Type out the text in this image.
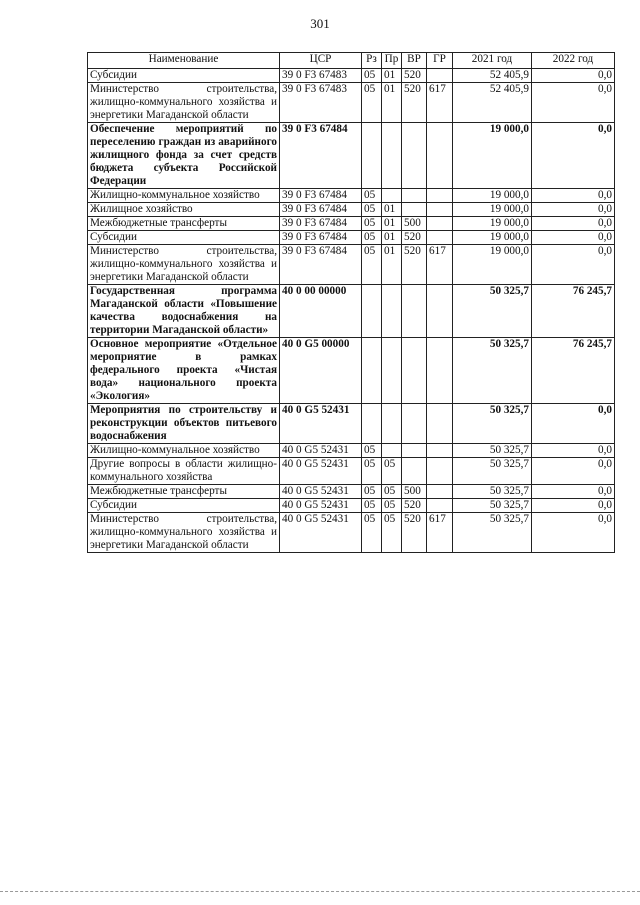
301
Наименование	ЦСР	Рз	Пр	ВР	ГР	2021 год	2022 год
Субсидии	39 0 F3 67483	05	01	520		52 405,9	0,0
Министерство строительства, жилищно-коммунального хозяйства и энергетики Магаданской области	39 0 F3 67483	05	01	520	617	52 405,9	0,0
Обеспечение мероприятий по переселению граждан из аварийного жилищного фонда за счет средств бюджета субъекта Российской Федерации	39 0 F3 67484					19 000,0	0,0
Жилищно-коммунальное хозяйство	39 0 F3 67484	05				19 000,0	0,0
Жилищное хозяйство	39 0 F3 67484	05	01			19 000,0	0,0
Межбюджетные трансферты	39 0 F3 67484	05	01	500		19 000,0	0,0
Субсидии	39 0 F3 67484	05	01	520		19 000,0	0,0
Министерство строительства, жилищно-коммунального хозяйства и энергетики Магаданской области	39 0 F3 67484	05	01	520	617	19 000,0	0,0
Государственная программа Магаданской области «Повышение качества водоснабжения на территории Магаданской области»	40 0 00 00000					50 325,7	76 245,7
Основное мероприятие «Отдельное мероприятие в рамках федерального проекта «Чистая вода» национального проекта «Экология»	40 0 G5 00000					50 325,7	76 245,7
Мероприятия по строительству и реконструкции объектов питьевого водоснабжения	40 0 G5 52431					50 325,7	0,0
Жилищно-коммунальное хозяйство	40 0 G5 52431	05				50 325,7	0,0
Другие вопросы в области жилищно-коммунального хозяйства	40 0 G5 52431	05	05			50 325,7	0,0
Межбюджетные трансферты	40 0 G5 52431	05	05	500		50 325,7	0,0
Субсидии	40 0 G5 52431	05	05	520		50 325,7	0,0
Министерство строительства, жилищно-коммунального хозяйства и энергетики Магаданской области	40 0 G5 52431	05	05	520	617	50 325,7	0,0
